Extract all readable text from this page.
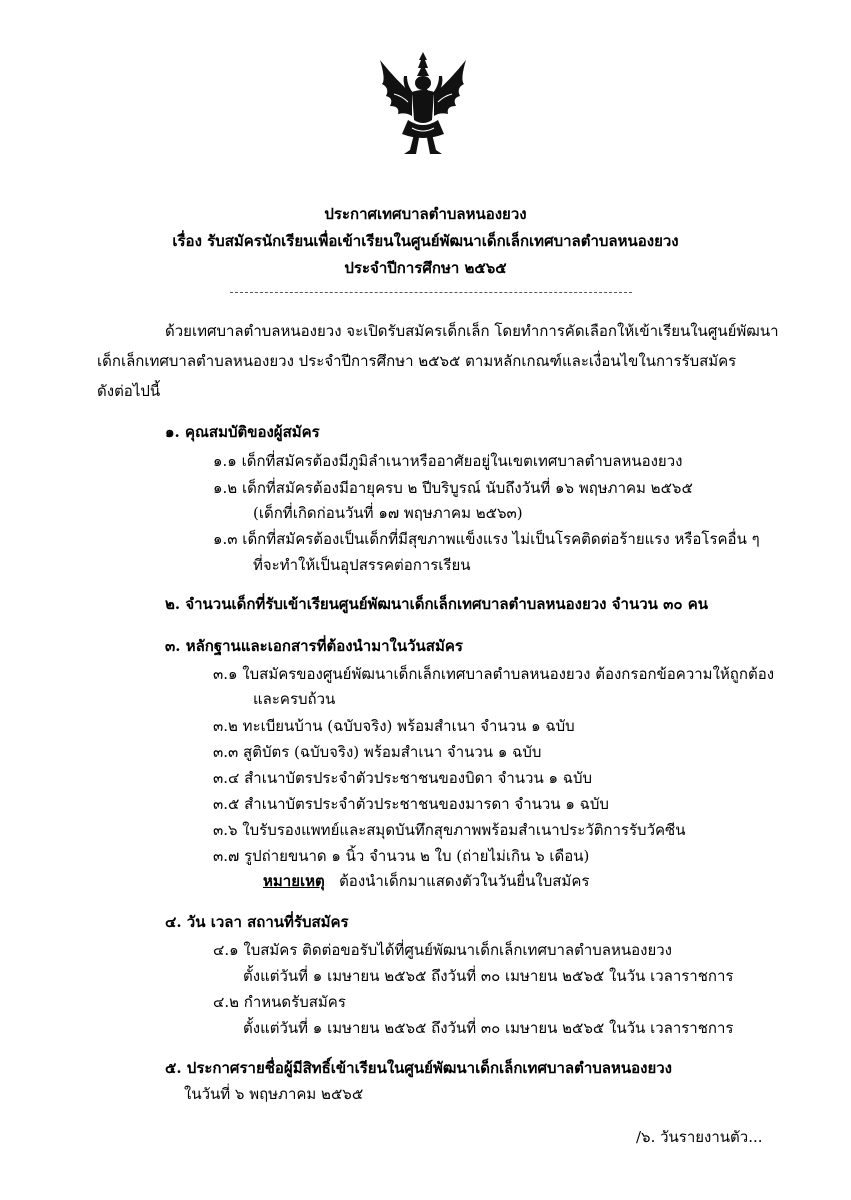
ประกาศเทศบาลตำบลหนองยวง
เรื่อง รับสมัครนักเรียนเพื่อเข้าเรียนในศูนย์พัฒนาเด็กเล็กเทศบาลตำบลหนองยวง
ประจำปีการศึกษา ๒๕๖๕
ด้วยเทศบาลตำบลหนองยวง จะเปิดรับสมัครเด็กเล็ก โดยทำการคัดเลือกให้เข้าเรียนในศูนย์พัฒนา
เด็กเล็กเทศบาลตำบลหนองยวง ประจำปีการศึกษา ๒๕๖๕ ตามหลักเกณฑ์และเงื่อนไขในการรับสมัคร
ดังต่อไปนี้
๑. คุณสมบัติของผู้สมัคร
๑.๑ เด็กที่สมัครต้องมีภูมิลำเนาหรืออาศัยอยู่ในเขตเทศบาลตำบลหนองยวง
๑.๒ เด็กที่สมัครต้องมีอายุครบ ๒ ปีบริบูรณ์ นับถึงวันที่ ๑๖ พฤษภาคม ๒๕๖๕
(เด็กที่เกิดก่อนวันที่ ๑๗ พฤษภาคม ๒๕๖๓)
๑.๓ เด็กที่สมัครต้องเป็นเด็กที่มีสุขภาพแข็งแรง ไม่เป็นโรคติดต่อร้ายแรง หรือโรคอื่น ๆ
ที่จะทำให้เป็นอุปสรรคต่อการเรียน
๒. จำนวนเด็กที่รับเข้าเรียนศูนย์พัฒนาเด็กเล็กเทศบาลตำบลหนองยวง จำนวน ๓๐ คน
๓. หลักฐานและเอกสารที่ต้องนำมาในวันสมัคร
๓.๑ ใบสมัครของศูนย์พัฒนาเด็กเล็กเทศบาลตำบลหนองยวง ต้องกรอกข้อความให้ถูกต้อง
และครบถ้วน
๓.๒ ทะเบียนบ้าน (ฉบับจริง) พร้อมสำเนา จำนวน ๑ ฉบับ
๓.๓ สูติบัตร (ฉบับจริง) พร้อมสำเนา จำนวน ๑ ฉบับ
๓.๔ สำเนาบัตรประจำตัวประชาชนของบิดา จำนวน ๑ ฉบับ
๓.๕ สำเนาบัตรประจำตัวประชาชนของมารดา จำนวน ๑ ฉบับ
๓.๖ ใบรับรองแพทย์และสมุดบันทึกสุขภาพพร้อมสำเนาประวัติการรับวัคซีน
๓.๗ รูปถ่ายขนาด ๑ นิ้ว จำนวน ๒ ใบ (ถ่ายไม่เกิน ๖ เดือน)
หมายเหตุ ต้องนำเด็กมาแสดงตัวในวันยื่นใบสมัคร
๔. วัน เวลา สถานที่รับสมัคร
๔.๑ ใบสมัคร ติดต่อขอรับได้ที่ศูนย์พัฒนาเด็กเล็กเทศบาลตำบลหนองยวง
ตั้งแต่วันที่ ๑ เมษายน ๒๕๖๕ ถึงวันที่ ๓๐ เมษายน ๒๕๖๕ ในวัน เวลาราชการ
๔.๒ กำหนดรับสมัคร
ตั้งแต่วันที่ ๑ เมษายน ๒๕๖๕ ถึงวันที่ ๓๐ เมษายน ๒๕๖๕ ในวัน เวลาราชการ
๕. ประกาศรายชื่อผู้มีสิทธิ์เข้าเรียนในศูนย์พัฒนาเด็กเล็กเทศบาลตำบลหนองยวง
ในวันที่ ๖ พฤษภาคม ๒๕๖๕
/๖. วันรายงานตัว...
